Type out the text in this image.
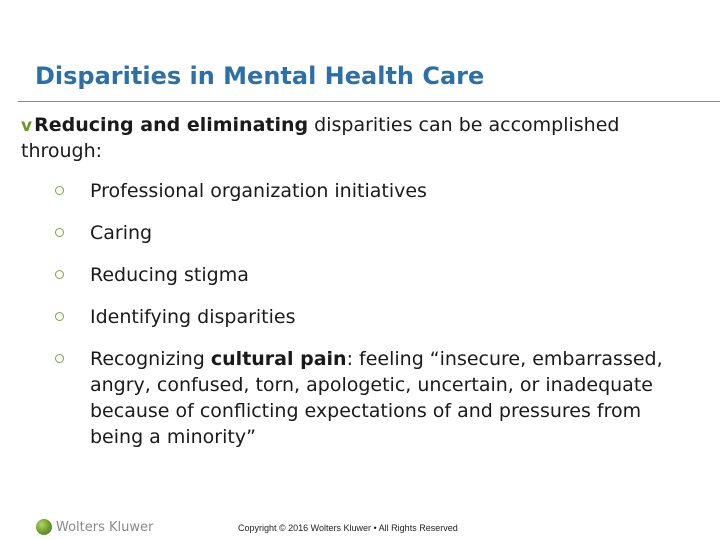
Disparities in Mental Health Care

v Reducing and eliminating disparities can be accomplished through:

Professional organization initiatives
Caring
Reducing stigma
Identifying disparities
Recognizing cultural pain: feeling “insecure, embarrassed, angry, confused, torn, apologetic, uncertain, or inadequate because of conflicting expectations of and pressures from being a minority”
Wolters Kluwer	Copyright © 2016 Wolters Kluwer • All Rights Reserved
